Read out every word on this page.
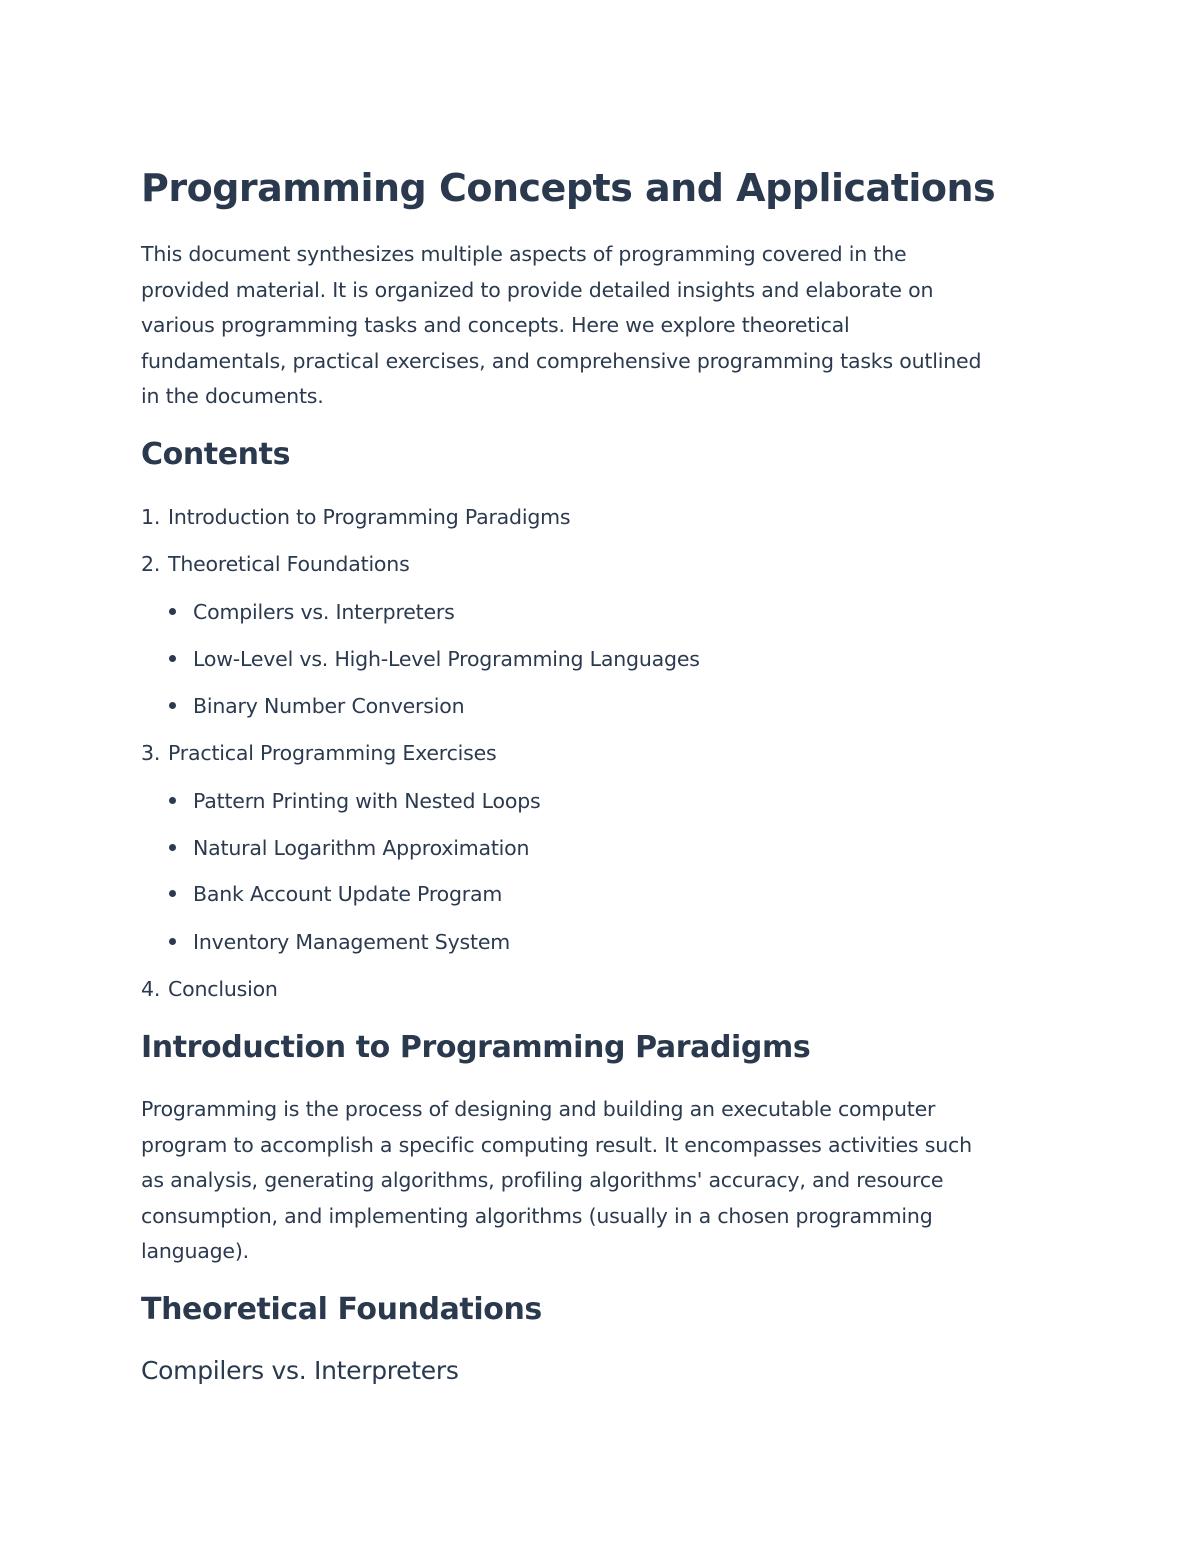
Programming Concepts and Applications

This document synthesizes multiple aspects of programming covered in the
provided material. It is organized to provide detailed insights and elaborate on
various programming tasks and concepts. Here we explore theoretical
fundamentals, practical exercises, and comprehensive programming tasks outlined
in the documents.

Contents
1. Introduction to Programming Paradigms
2. Theoretical Foundations
Compilers vs. Interpreters
Low-Level vs. High-Level Programming Languages
Binary Number Conversion
3. Practical Programming Exercises
Pattern Printing with Nested Loops
Natural Logarithm Approximation
Bank Account Update Program
Inventory Management System
4. Conclusion
Introduction to Programming Paradigms

Programming is the process of designing and building an executable computer
program to accomplish a specific computing result. It encompasses activities such
as analysis, generating algorithms, profiling algorithms' accuracy, and resource
consumption, and implementing algorithms (usually in a chosen programming
language).

Theoretical Foundations
Compilers vs. Interpreters
